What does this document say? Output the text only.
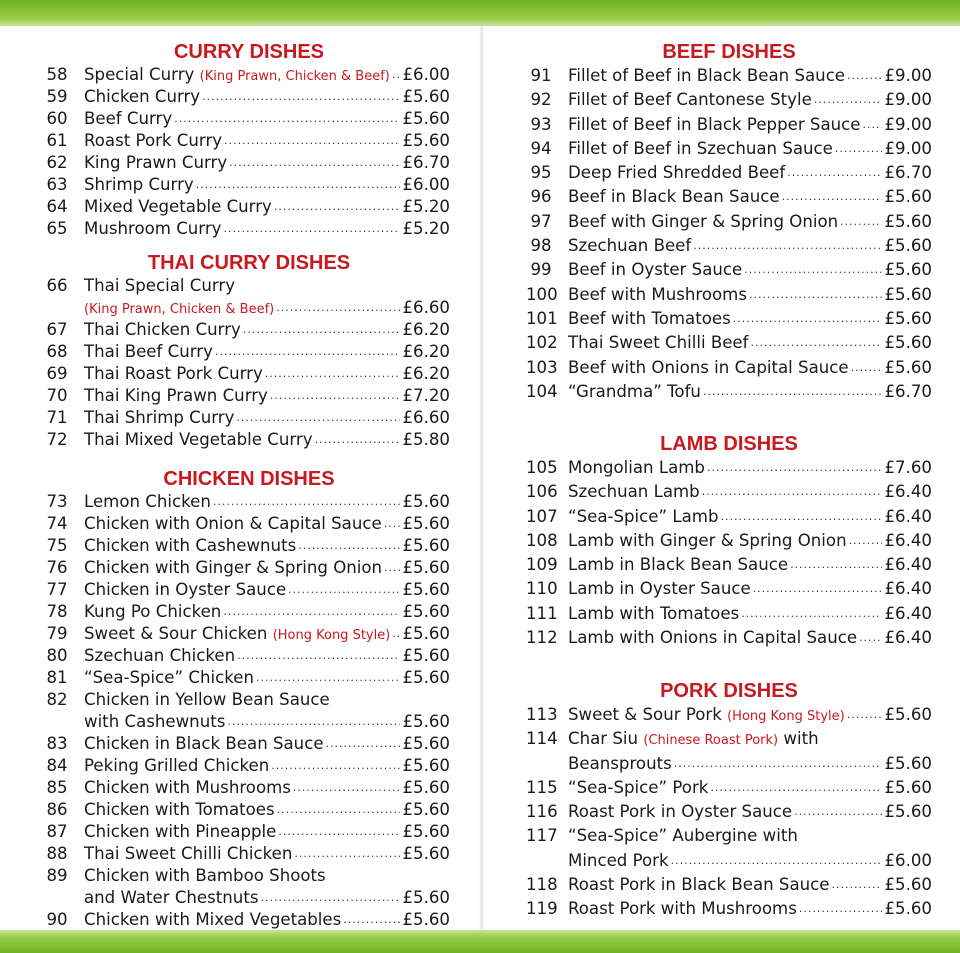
CURRY DISHES
58 Special Curry (King Prawn, Chicken & Beef) ..... £6.00
59 Chicken Curry .....	£5.60
60 Beef Curry .....	£5.60
61 Roast Pork Curry .....	£5.60
62 King Prawn Curry .....	£6.70
63 Shrimp Curry .....	£6.00
64 Mixed Vegetable Curry .....	£5.20
65 Mushroom Curry .....	£5.20
THAI CURRY DISHES
66 Thai Special Curry
(King Prawn, Chicken & Beef) .....	£6.60
67 Thai Chicken Curry .....	£6.20
68 Thai Beef Curry .....	£6.20
69 Thai Roast Pork Curry .....	£6.20
70 Thai King Prawn Curry .....	£7.20
71 Thai Shrimp Curry .....	£6.60
72 Thai Mixed Vegetable Curry .....	£5.80
CHICKEN DISHES
73 Lemon Chicken .....	£5.60
74 Chicken with Onion & Capital Sauce ..... £5.60
75 Chicken with Cashewnuts .....	£5.60
76 Chicken with Ginger & Spring Onion ..... £5.60
77 Chicken in Oyster Sauce .....	£5.60
78 Kung Po Chicken .....	£5.60
79 Sweet & Sour Chicken (Hong Kong Style) ..... £5.60
80 Szechuan Chicken .....	£5.60
81 “Sea-Spice” Chicken .....	£5.60
82 Chicken in Yellow Bean Sauce
with Cashewnuts .....	£5.60
83 Chicken in Black Bean Sauce .....	£5.60
84 Peking Grilled Chicken .....	£5.60
85 Chicken with Mushrooms .....	£5.60
86 Chicken with Tomatoes .....	£5.60
87 Chicken with Pineapple .....	£5.60
88 Thai Sweet Chilli Chicken .....	£5.60
89 Chicken with Bamboo Shoots
and Water Chestnuts .....	£5.60
90 Chicken with Mixed Vegetables .....	£5.60
BEEF DISHES
91 Fillet of Beef in Black Bean Sauce ..... £9.00
92 Fillet of Beef Cantonese Style .....	£9.00
93 Fillet of Beef in Black Pepper Sauce ..... £9.00
94 Fillet of Beef in Szechuan Sauce .....	£9.00
95 Deep Fried Shredded Beef .....	£6.70
96 Beef in Black Bean Sauce .....	£5.60
97 Beef with Ginger & Spring Onion .....	£5.60
98 Szechuan Beef .....	£5.60
99 Beef in Oyster Sauce .....	£5.60
100 Beef with Mushrooms .....	£5.60
101 Beef with Tomatoes .....	£5.60
102 Thai Sweet Chilli Beef .....	£5.60
103 Beef with Onions in Capital Sauce ..... £5.60
104 “Grandma” Tofu .....	£6.70
LAMB DISHES
105 Mongolian Lamb .....	£7.60
106 Szechuan Lamb .....	£6.40
107 “Sea-Spice” Lamb .....	£6.40
108 Lamb with Ginger & Spring Onion ..... £6.40
109 Lamb in Black Bean Sauce .....	£6.40
110 Lamb in Oyster Sauce .....	£6.40
111 Lamb with Tomatoes .....	£6.40
112 Lamb with Onions in Capital Sauce ..... £6.40
PORK DISHES
113 Sweet & Sour Pork (Hong Kong Style) ..... £5.60
114 Char Siu (Chinese Roast Pork) with
Beansprouts .....	£5.60
115 “Sea-Spice” Pork .....	£5.60
116 Roast Pork in Oyster Sauce .....	£5.60
117 “Sea-Spice” Aubergine with
Minced Pork .....	£6.00
118 Roast Pork in Black Bean Sauce .....	£5.60
119 Roast Pork with Mushrooms .....	£5.60
